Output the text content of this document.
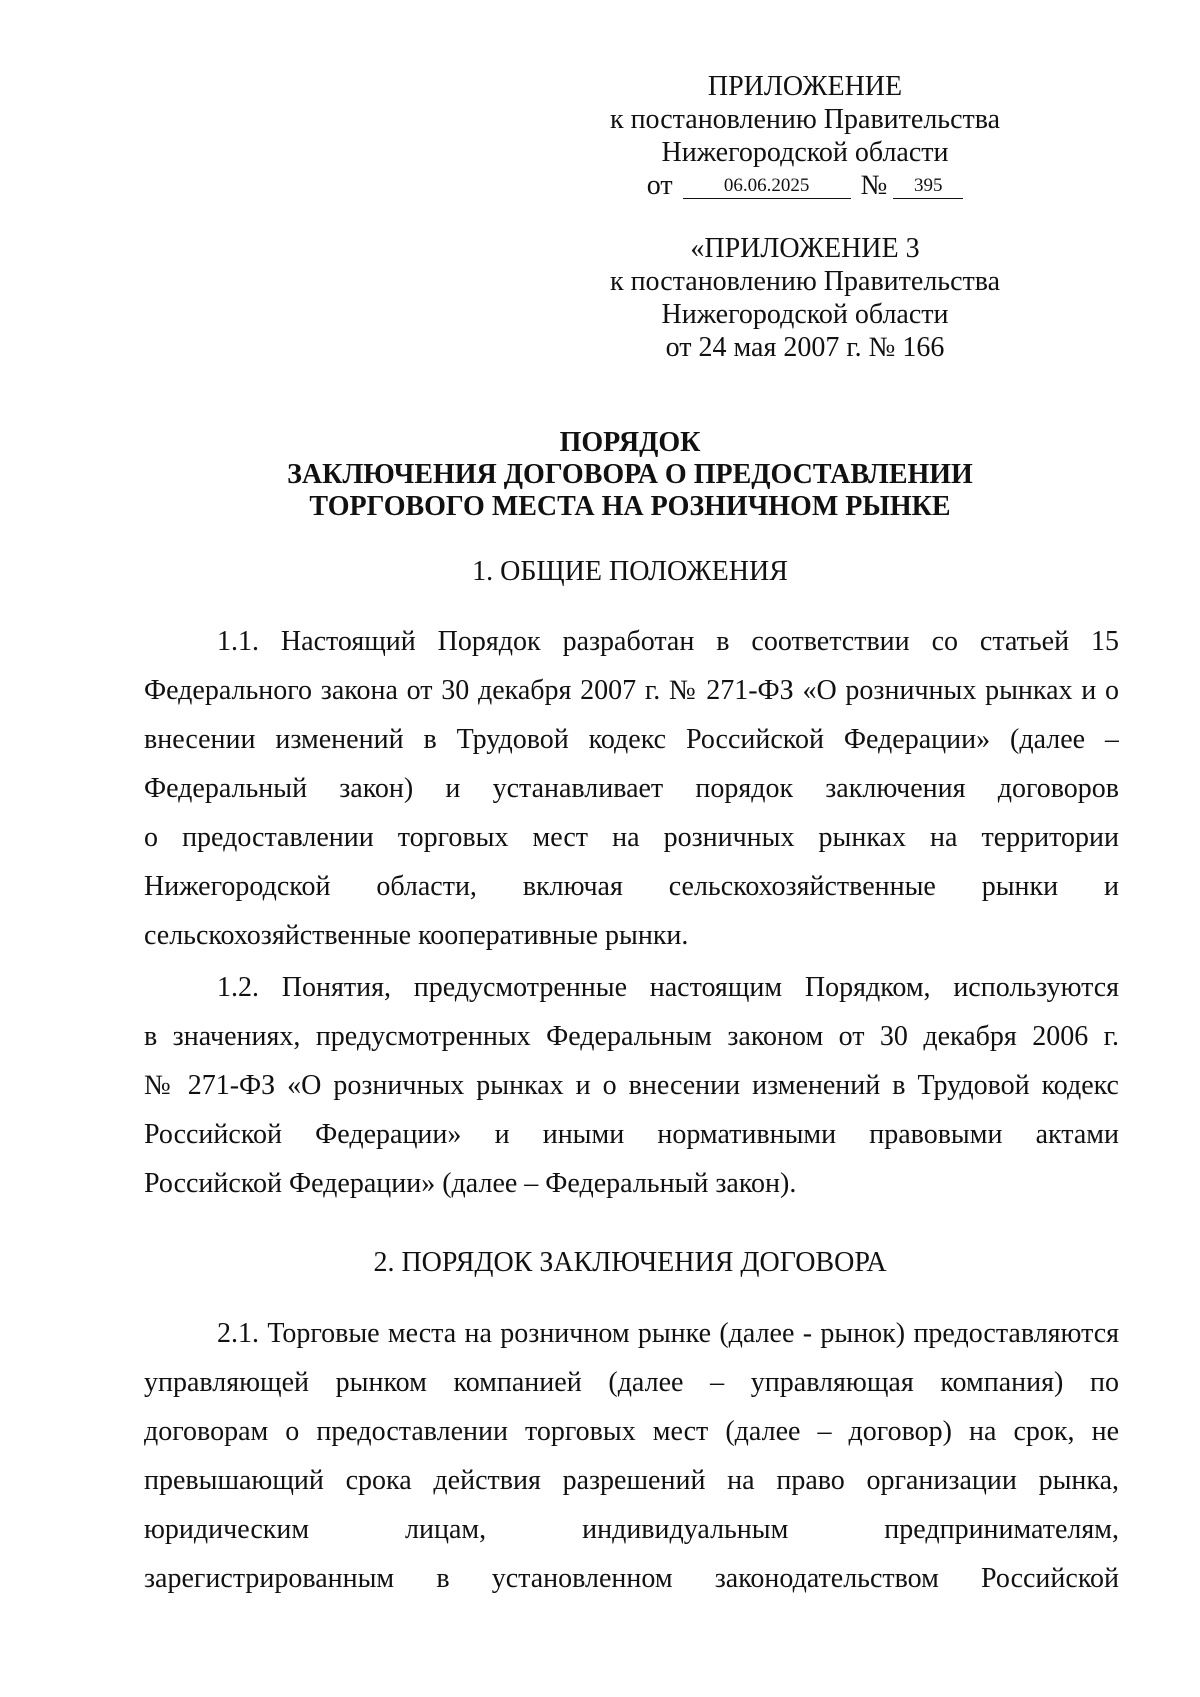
ПРИЛОЖЕНИЕ
к постановлению Правительства
Нижегородской области
от	06.06.2025	№	395
«ПРИЛОЖЕНИЕ 3
к постановлению Правительства
Нижегородской области
от 24 мая 2007 г. № 166
ПОРЯДОК
ЗАКЛЮЧЕНИЯ ДОГОВОРА О ПРЕДОСТАВЛЕНИИ
ТОРГОВОГО МЕСТА НА РОЗНИЧНОМ РЫНКЕ
1. ОБЩИЕ ПОЛОЖЕНИЯ
1.1. Настоящий Порядок разработан в соответствии со статьей 15
Федерального закона от 30 декабря 2007 г. № 271-ФЗ «О розничных рынках и о
внесении изменений в Трудовой кодекс Российской Федерации» (далее –
Федеральный закон) и устанавливает порядок заключения договоров
о предоставлении торговых мест на розничных рынках на территории
Нижегородской области, включая сельскохозяйственные рынки и
сельскохозяйственные кооперативные рынки.
1.2. Понятия, предусмотренные настоящим Порядком, используются
в значениях, предусмотренных Федеральным законом от 30 декабря 2006 г.
№ 271-ФЗ «О розничных рынках и о внесении изменений в Трудовой кодекс
Российской Федерации» и иными нормативными правовыми актами
Российской Федерации» (далее – Федеральный закон).
2. ПОРЯДОК ЗАКЛЮЧЕНИЯ ДОГОВОРА
2.1. Торговые места на розничном рынке (далее - рынок) предоставляются
управляющей рынком компанией (далее – управляющая компания) по
договорам о предоставлении торговых мест (далее – договор) на срок, не
превышающий срока действия разрешений на право организации рынка,
юридическим лицам, индивидуальным предпринимателям,
зарегистрированным в установленном законодательством Российской
